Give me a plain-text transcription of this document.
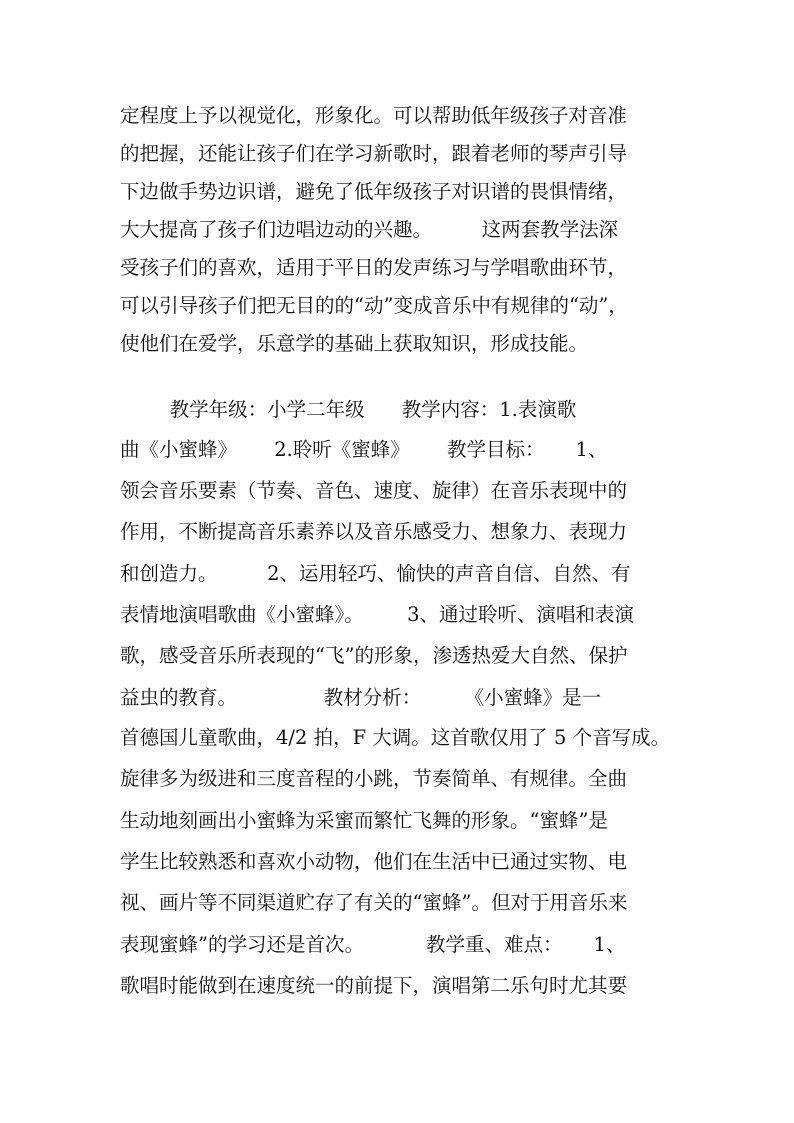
定程度上予以视觉化，形象化。可以帮助低年级孩子对音准
的把握，还能让孩子们在学习新歌时，跟着老师的琴声引导
下边做手势边识谱，避免了低年级孩子对识谱的畏惧情绪，
大大提高了孩子们边唱边动的兴趣。        这两套教学法深
受孩子们的喜欢，适用于平日的发声练习与学唱歌曲环节，
可以引导孩子们把无目的的“动”变成音乐中有规律的“动”，
使他们在爱学，乐意学的基础上获取知识，形成技能。
教学年级：小学二年级      教学内容：1.表演歌
曲《小蜜蜂》      2.聆听《蜜蜂》      教学目标：     1、
领会音乐要素（节奏、音色、速度、旋律）在音乐表现中的
作用，不断提高音乐素养以及音乐感受力、想象力、表现力
和创造力。        2、运用轻巧、愉快的声音自信、自然、有
表情地演唱歌曲《小蜜蜂》。       3、通过聆听、演唱和表演
歌，感受音乐所表现的“飞”的形象，渗透热爱大自然、保护
益虫的教育。              教材分析：       《小蜜蜂》是一
首德国儿童歌曲，4/2 拍，F 大调。这首歌仅用了 5 个音写成。
旋律多为级进和三度音程的小跳，节奏简单、有规律。全曲
生动地刻画出小蜜蜂为采蜜而繁忙飞舞的形象。“蜜蜂”是
学生比较熟悉和喜欢小动物，他们在生活中已通过实物、电
视、画片等不同渠道贮存了有关的“蜜蜂”。但对于用音乐来
表现蜜蜂”的学习还是首次。          教学重、难点：     1、
歌唱时能做到在速度统一的前提下，演唱第二乐句时尤其要
